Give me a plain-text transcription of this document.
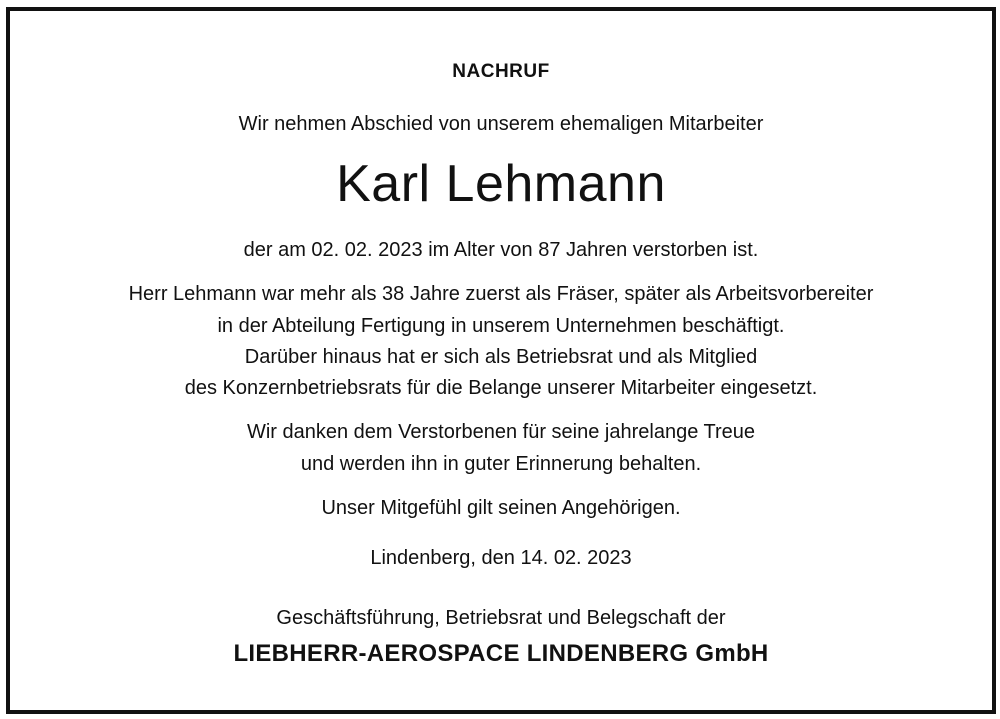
NACHRUF
Wir nehmen Abschied von unserem ehemaligen Mitarbeiter
Karl Lehmann
der am 02. 02. 2023 im Alter von 87 Jahren verstorben ist.
Herr Lehmann war mehr als 38 Jahre zuerst als Fräser, später als Arbeitsvorbereiter
in der Abteilung Fertigung in unserem Unternehmen beschäftigt.
Darüber hinaus hat er sich als Betriebsrat und als Mitglied
des Konzernbetriebsrats für die Belange unserer Mitarbeiter eingesetzt.
Wir danken dem Verstorbenen für seine jahrelange Treue
und werden ihn in guter Erinnerung behalten.
Unser Mitgefühl gilt seinen Angehörigen.
Lindenberg, den 14. 02. 2023
Geschäftsführung, Betriebsrat und Belegschaft der
LIEBHERR-AEROSPACE LINDENBERG GmbH
